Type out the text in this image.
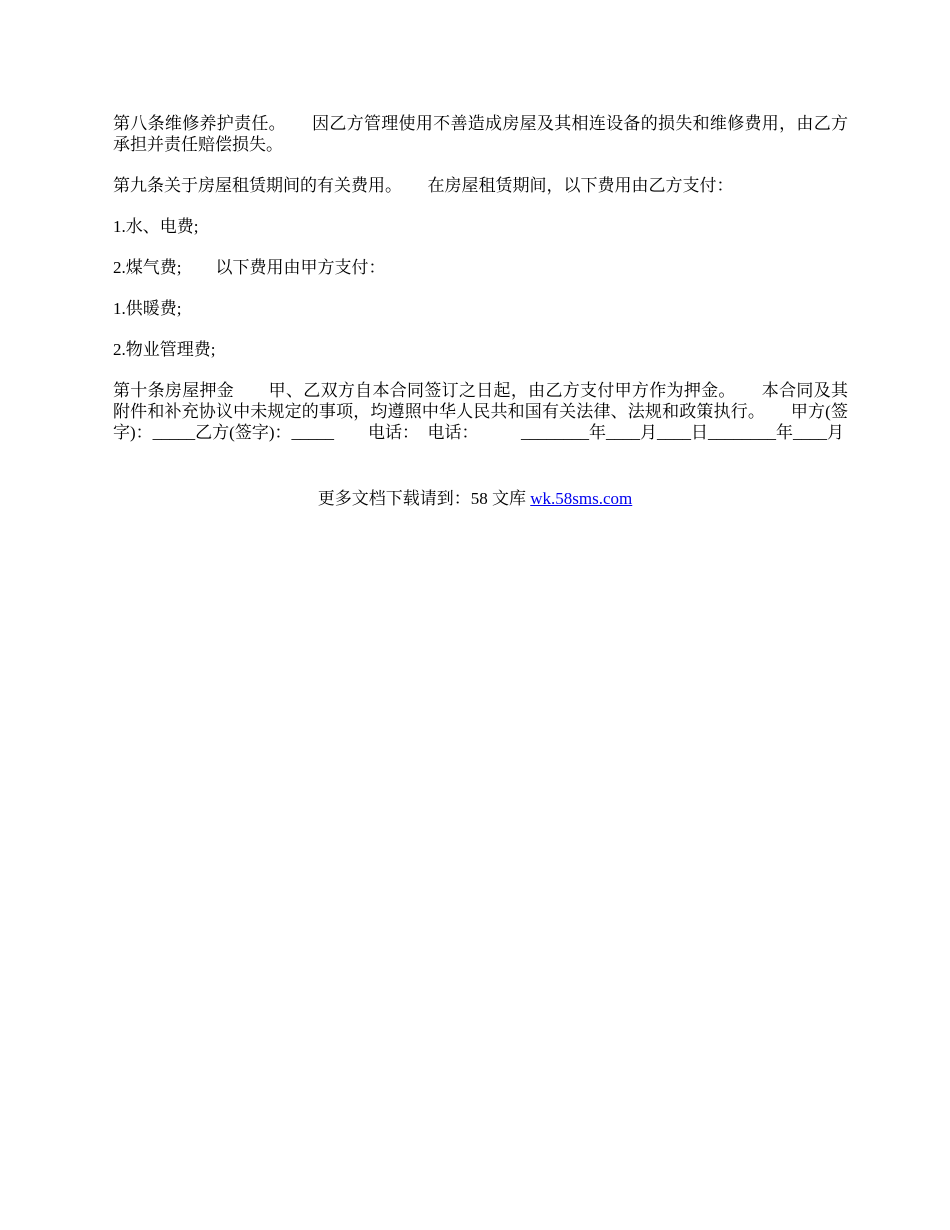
第八条维修养护责任。　　因乙方管理使用不善造成房屋及其相连设备的损失和维修费用，由乙方承担并责任赔偿损失。

第九条关于房屋租赁期间的有关费用。　　在房屋租赁期间，以下费用由乙方支付：

1.水、电费;

2.煤气费;　　以下费用由甲方支付：

1.供暖费;

2.物业管理费;

第十条房屋押金　　甲、乙双方自本合同签订之日起，由乙方支付甲方作为押金。　　本合同及其附件和补充协议中未规定的事项，均遵照中华人民共和国有关法律、法规和政策执行。　　甲方(签字)：_____乙方(签字)：_____　　电话：　电话：　　　________年____月____日________年____月

更多文档下载请到：58 文库 wk.58sms.com
